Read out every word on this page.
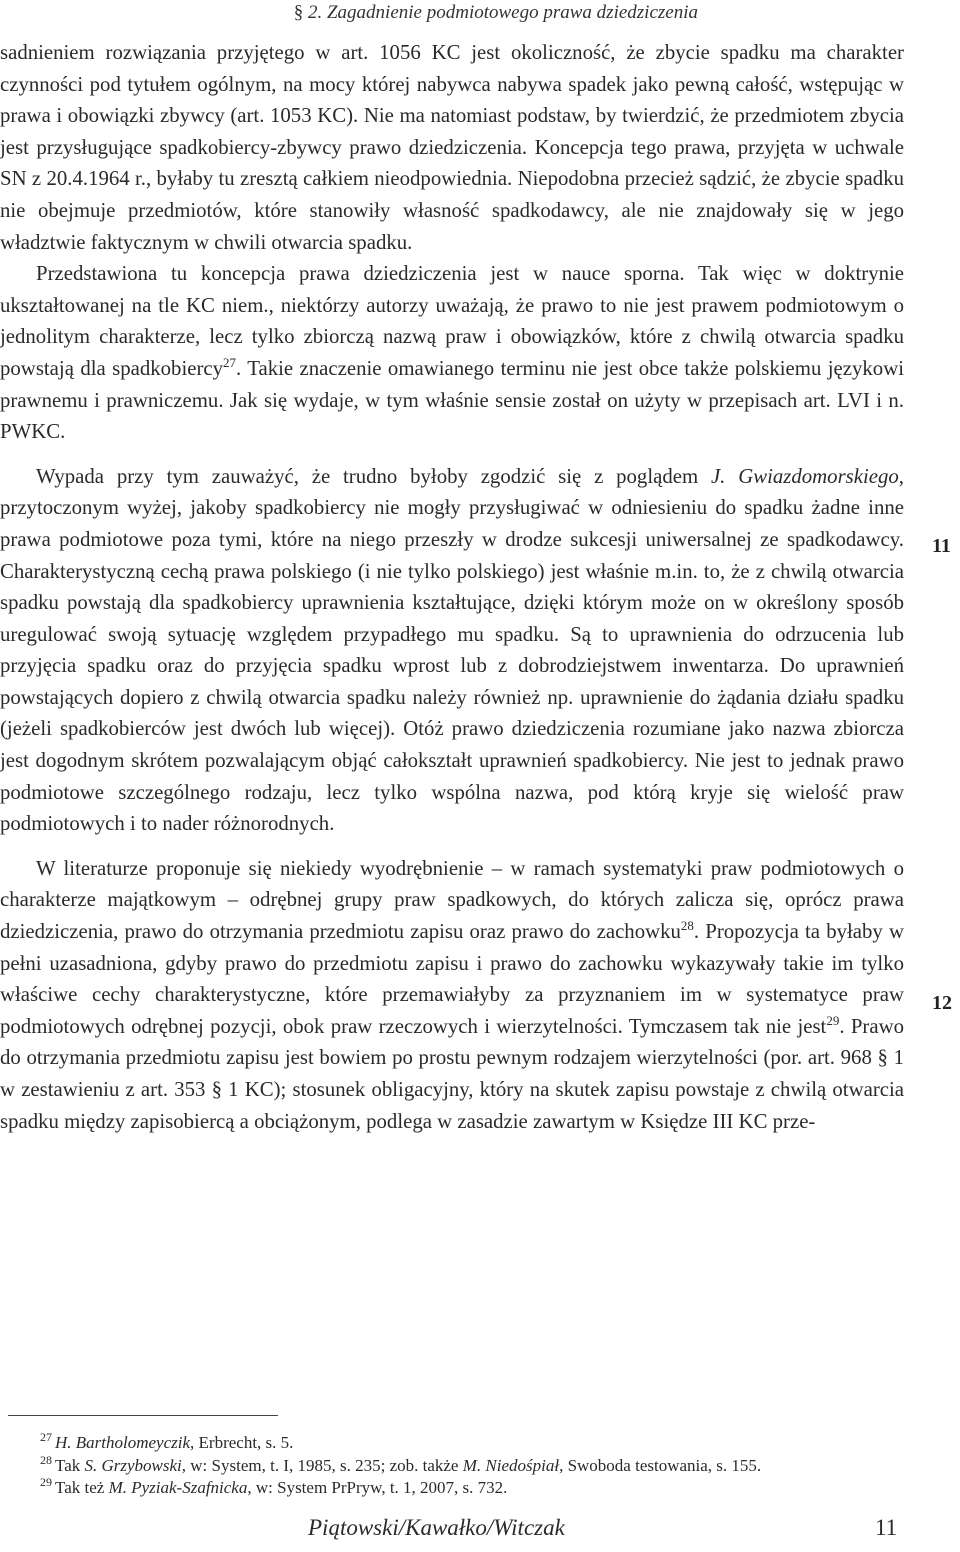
§ 2. Zagadnienie podmiotowego prawa dziedziczenia

sadnieniem rozwiązania przyjętego w art. 1056 KC jest okoliczność, że zbycie spadku ma charakter czynności pod tytułem ogólnym, na mocy której nabywca nabywa spadek jako pewną całość, wstępując w prawa i obowiązki zbywcy (art. 1053 KC). Nie ma natomiast podstaw, by twierdzić, że przedmiotem zbycia jest przysługujące spadkobiercy-zbywcy prawo dziedziczenia. Koncepcja tego prawa, przyjęta w uchwale SN z 20.4.1964 r., byłaby tu zresztą całkiem nieodpowiednia. Niepodobna przecież sądzić, że zbycie spadku nie obejmuje przedmiotów, które stanowiły własność spadkodawcy, ale nie znajdowały się w jego władztwie faktycznym w chwili otwarcia spadku.

Przedstawiona tu koncepcja prawa dziedziczenia jest w nauce sporna. Tak więc w doktrynie ukształtowanej na tle KC niem., niektórzy autorzy uważają, że prawo to nie jest prawem podmiotowym o jednolitym charakterze, lecz tylko zbiorczą nazwą praw i obowiązków, które z chwilą otwarcia spadku powstają dla spadkobiercy$^{27}$. Takie znaczenie omawianego terminu nie jest obce także polskiemu językowi prawnemu i prawniczemu. Jak się wydaje, w tym właśnie sensie został on użyty w przepisach art. LVI i n. PWKC.

Wypada przy tym zauważyć, że trudno byłoby zgodzić się z poglądem J. Gwiazdomorskiego, przytoczonym wyżej, jakoby spadkobiercy nie mogły przysługiwać w odniesieniu do spadku żadne inne prawa podmiotowe poza tymi, które na niego przeszły w drodze sukcesji uniwersalnej ze spadkodawcy. Charakterystyczną cechą prawa polskiego (i nie tylko polskiego) jest właśnie m.in. to, że z chwilą otwarcia spadku powstają dla spadkobiercy uprawnienia kształtujące, dzięki którym może on w określony sposób uregulować swoją sytuację względem przypadłego mu spadku. Są to uprawnienia do odrzucenia lub przyjęcia spadku oraz do przyjęcia spadku wprost lub z dobrodziejstwem inwentarza. Do uprawnień powstających dopiero z chwilą otwarcia spadku należy również np. uprawnienie do żądania działu spadku (jeżeli spadkobierców jest dwóch lub więcej). Otóż prawo dziedziczenia rozumiane jako nazwa zbiorcza jest dogodnym skrótem pozwalającym objąć całokształt uprawnień spadkobiercy. Nie jest to jednak prawo podmiotowe szczególnego rodzaju, lecz tylko wspólna nazwa, pod którą kryje się wielość praw podmiotowych i to nader różnorodnych.

W literaturze proponuje się niekiedy wyodrębnienie – w ramach systematyki praw podmiotowych o charakterze majątkowym – odrębnej grupy praw spadkowych, do których zalicza się, oprócz prawa dziedziczenia, prawo do otrzymania przedmiotu zapisu oraz prawo do zachowku$^{28}$. Propozycja ta byłaby w pełni uzasadniona, gdyby prawo do przedmiotu zapisu i prawo do zachowku wykazywały takie im tylko właściwe cechy charakterystyczne, które przemawiałyby za przyznaniem im w systematyce praw podmiotowych odrębnej pozycji, obok praw rzeczowych i wierzytelności. Tymczasem tak nie jest$^{29}$. Prawo do otrzymania przedmiotu zapisu jest bowiem po prostu pewnym rodzajem wierzytelności (por. art. 968 § 1 w zestawieniu z art. 353 § 1 KC); stosunek obligacyjny, który na skutek zapisu powstaje z chwilą otwarcia spadku między zapisobiercą a obciążonym, podlega w zasadzie zawartym w Księdze III KC prze-

11
12

$^{27}$ H. Bartholomeyczik, Erbrecht, s. 5.

$^{28}$ Tak S. Grzybowski, w: System, t. I, 1985, s. 235; zob. także M. Niedośpiał, Swoboda testowania, s. 155.

$^{29}$ Tak też M. Pyziak-Szafnicka, w: System PrPryw, t. 1, 2007, s. 732.

Piątowski/Kawałko/Witczak	11
